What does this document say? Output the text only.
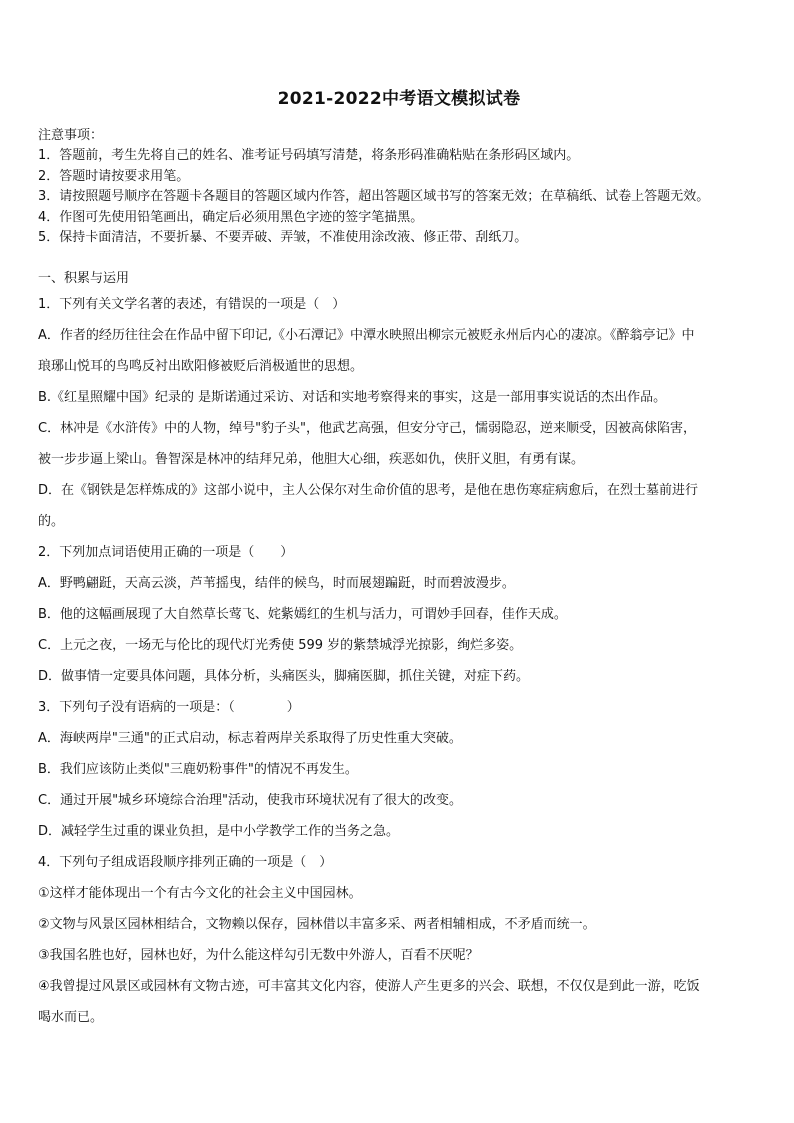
2021-2022中考语文模拟试卷
注意事项：
1．答题前，考生先将自己的姓名、准考证号码填写清楚，将条形码准确粘贴在条形码区域内。
2．答题时请按要求用笔。
3．请按照题号顺序在答题卡各题目的答题区域内作答，超出答题区域书写的答案无效；在草稿纸、试卷上答题无效。
4．作图可先使用铅笔画出，确定后必须用黑色字迹的签字笔描黑。
5．保持卡面清洁，不要折暴、不要弄破、弄皱，不准使用涂改液、修正带、刮纸刀。
一、积累与运用
1．下列有关文学名著的表述，有错误的一项是（　）
A．作者的经历往往会在作品中留下印记,《小石潭记》中潭水映照出柳宗元被贬永州后内心的凄凉。《醉翁亭记》中
琅琊山悦耳的鸟鸣反衬出欧阳修被贬后消极遁世的思想。
B.《红星照耀中国》纪录的 是斯诺通过采访、对话和实地考察得来的事实，这是一部用事实说话的杰出作品。
C．林冲是《水浒传》中的人物，绰号"豹子头"，他武艺高强，但安分守己，懦弱隐忍，逆来顺受，因被高俅陷害，
被一步步逼上梁山。鲁智深是林冲的结拜兄弟，他胆大心细，疾恶如仇，侠肝义胆，有勇有谋。
D．在《钢铁是怎样炼成的》这部小说中，主人公保尔对生命价值的思考，是他在患伤寒症病愈后，在烈士墓前进行
的。
2．下列加点词语使用正确的一项是（　　）
A．野鸭翩跹，天高云淡，芦苇摇曳，结伴的候鸟，时而展翅蹁跹，时而碧波漫步。
B．他的这幅画展现了大自然草长莺飞、姹紫嫣红的生机与活力，可谓妙手回春，佳作天成。
C．上元之夜，一场无与伦比的现代灯光秀使 599 岁的紫禁城浮光掠影，绚烂多姿。
D．做事情一定要具体问题，具体分析，头痛医头，脚痛医脚，抓住关键，对症下药。
3．下列句子没有语病的一项是：（　　　　）
A．海峡两岸"三通"的正式启动，标志着两岸关系取得了历史性重大突破。
B．我们应该防止类似"三鹿奶粉事件"的情况不再发生。
C．通过开展"城乡环境综合治理"活动，使我市环境状况有了很大的改变。
D．减轻学生过重的课业负担，是中小学教学工作的当务之急。
4．下列句子组成语段顺序排列正确的一项是（　）
①这样才能体现出一个有古今文化的社会主义中国园林。
②文物与风景区园林相结合，文物赖以保存，园林借以丰富多采、两者相辅相成，不矛盾而统一。
③我国名胜也好，园林也好，为什么能这样勾引无数中外游人，百看不厌呢？
④我曾提过风景区或园林有文物古迹，可丰富其文化内容，使游人产生更多的兴会、联想，不仅仅是到此一游，吃饭
喝水而已。
